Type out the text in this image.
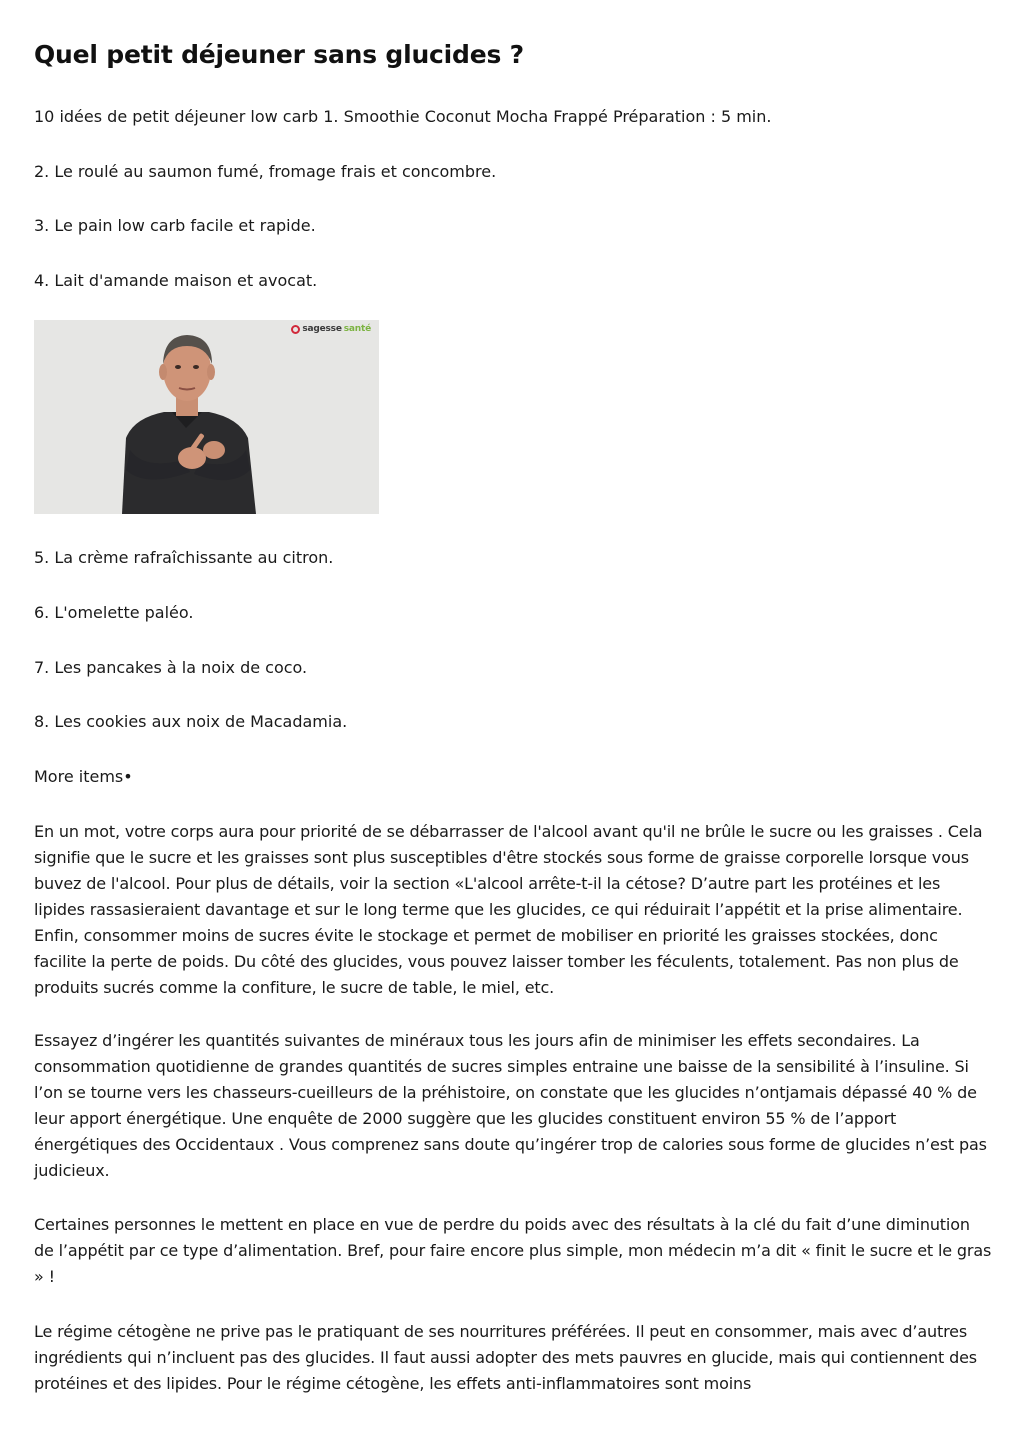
Quel petit déjeuner sans glucides ?

10 idées de petit déjeuner low carb 1. Smoothie Coconut Mocha Frappé Préparation : 5 min.

2. Le roulé au saumon fumé, fromage frais et concombre.

3. Le pain low carb facile et rapide.

4. Lait d'amande maison et avocat.

sagesse santé

5. La crème rafraîchissante au citron.

6. L'omelette paléo.

7. Les pancakes à la noix de coco.

8. Les cookies aux noix de Macadamia.

More items•

En un mot, votre corps aura pour priorité de se débarrasser de l'alcool avant qu'il ne brûle le sucre ou les graisses . Cela signifie que le sucre et les graisses sont plus susceptibles d'être stockés sous forme de graisse corporelle lorsque vous buvez de l'alcool. Pour plus de détails, voir la section «L'alcool arrête-t-il la cétose? D’autre part les protéines et les lipides rassasieraient davantage et sur le long terme que les glucides, ce qui réduirait l’appétit et la prise alimentaire. Enfin, consommer moins de sucres évite le stockage et permet de mobiliser en priorité les graisses stockées, donc facilite la perte de poids. Du côté des glucides, vous pouvez laisser tomber les féculents, totalement. Pas non plus de produits sucrés comme la confiture, le sucre de table, le miel, etc.

Essayez d’ingérer les quantités suivantes de minéraux tous les jours afin de minimiser les effets secondaires. La consommation quotidienne de grandes quantités de sucres simples entraine une baisse de la sensibilité à l’insuline. Si l’on se tourne vers les chasseurs-cueilleurs de la préhistoire, on constate que les glucides n’ontjamais dépassé 40 % de leur apport énergétique. Une enquête de 2000 suggère que les glucides constituent environ 55 % de l’apport énergétiques des Occidentaux . Vous comprenez sans doute qu’ingérer trop de calories sous forme de glucides n’est pas judicieux.

Certaines personnes le mettent en place en vue de perdre du poids avec des résultats à la clé du fait d’une diminution de l’appétit par ce type d’alimentation. Bref, pour faire encore plus simple, mon médecin m’a dit « finit le sucre et le gras » !

Le régime cétogène ne prive pas le pratiquant de ses nourritures préférées. Il peut en consommer, mais avec d’autres ingrédients qui n’incluent pas des glucides. Il faut aussi adopter des mets pauvres en glucide, mais qui contiennent des protéines et des lipides. Pour le régime cétogène, les effets anti-inflammatoires sont moins
